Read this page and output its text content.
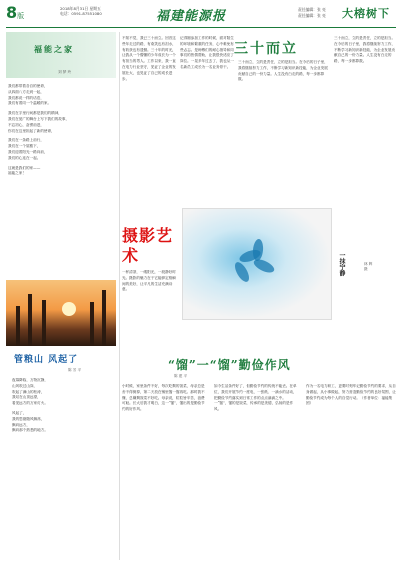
8版
2018年8月31日 星期五
电话：0591-87551080	福建能源报	责任编辑：张 亮
责任编辑：张 亮 大榕树下
福能之家
刘 梦 玲
我们都带着各自的使命，
从四面八方走到一起，
我们都说一样的话语，
我们有着同一个温暖的家。
我们在字里行间都是我们的精神，
我们在宽广的舞台上写下我们的故事，
不忘初心，奋勇前进，
你们在这里担起了新的使命，
我们在一条路上前行，
我们在一个屋檐下，
我们迎着阳光一路向前，
我们的心连在一起。
这就是我们的家——
福能之家！
管粮山 风起了
陈 芳 平
夜幕降临，万物沉静，
山风吹过山岗，
吹起了满山的松涛，
我站在山顶远望，
看见远方的万家灯火。
风起了，
我的思绪随风飘荡，
飘向远方，
飘向那个熟悉的地方。
三十而立
不知不觉，我已三十而立。回首这些年走过的路，有欢笑也有泪水，有收获也有遗憾。三十年的时光，让我从一个懵懂的少年成长为一个有担当的男人。工作以来，我一直在电力行业坚守，见证了企业的发展壮大，也见证了自己的成长进步。
记得刚参加工作的时候，面对陌生的环境和繁重的任务，心中难免有些忐忑。是师傅们的耐心指导和同事们的热情帮助，让我很快适应了岗位。一晃多年过去了，我也从一名新员工成长为一名业务骨干。
三十而立，立的是责任，立的是担当。在今后的日子里，我将继续努力工作，不断学习新知识新技能，为企业发展贡献自己的一份力量。人生没有白走的路，每一步都算数。
三十而立，立的是责任，立的是担当。在今后的日子里，我将继续努力工作，不断学习新知识新技能，为企业发展贡献自己的一份力量。人生没有白走的路，每一步都算数。
摄影艺术
一杯清茶，一缕阳光，一段静好时光。摄影的魅力在于它能够定格瞬间的美好，让平凡的生活充满诗意。
一抹宁静	林 辉 摄
“馏”一“馏”勤俭作风
陈 建 平
小时候，家里条件不好，每次吃剩的饭菜，母亲总是舍不得倒掉，第二天放在锅里馏一馏再吃。那时我不懂，总嫌剩饭菜不好吃。母亲说，粒粒皆辛苦，浪费可耻。长大后我才明白，这一“馏”，馏出的是勤俭节约的好作风。
如今生活条件好了，但勤俭节约的传统不能丢。在单位，我们开展节约一度电、一张纸、一滴水的活动，把勤俭节约落实到日常工作的点点滴滴之中。一“馏”，馏的是饭菜，传承的是美德，弘扬的是作风。
作为一名电力职工，更要时刻牢记勤俭节约的要求，从自身做起，从小事做起，努力营造勤俭节约的良好氛围，让勤俭节约成为每个人的自觉行动。（作者单位：福能集团）
